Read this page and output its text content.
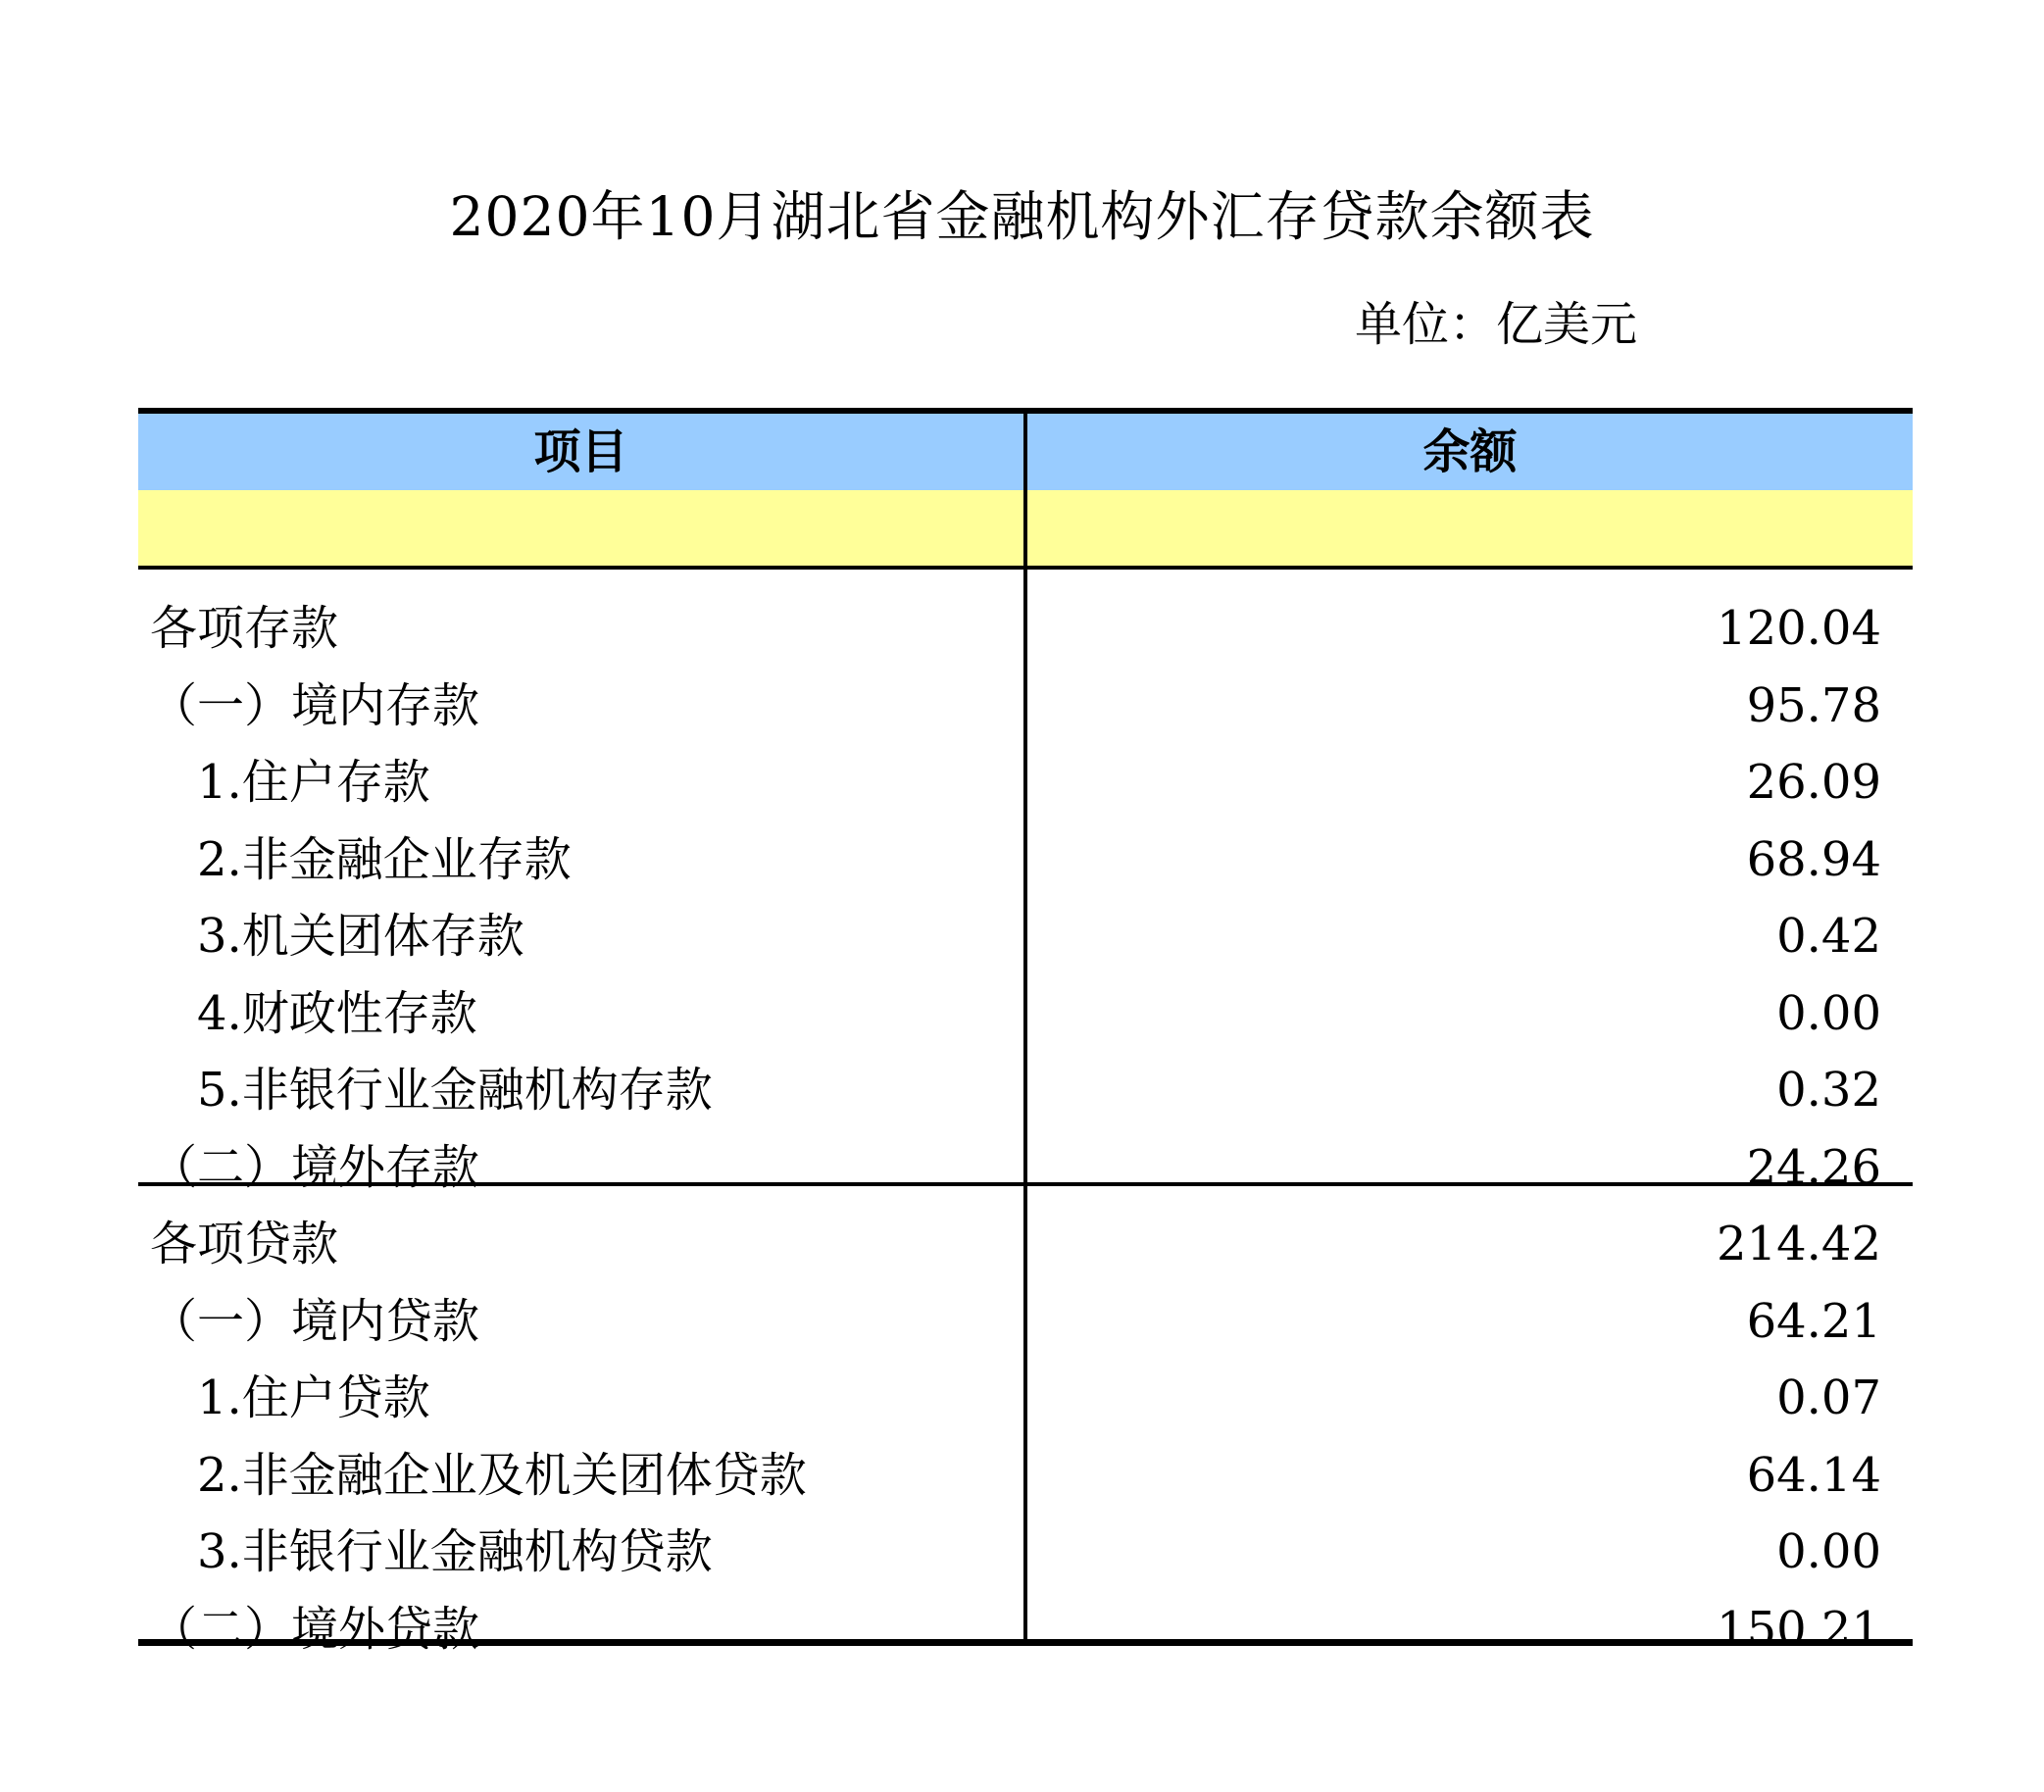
2020年10月湖北省金融机构外汇存贷款余额表
单位：亿美元
项目	余额
各项存款	120.04
（一）境内存款	95.78
1.住户存款	26.09
2.非金融企业存款	68.94
3.机关团体存款	0.42
4.财政性存款	0.00
5.非银行业金融机构存款	0.32
（二）境外存款	24.26
各项贷款	214.42
（一）境内贷款	64.21
1.住户贷款	0.07
2.非金融企业及机关团体贷款	64.14
3.非银行业金融机构贷款	0.00
（二）境外贷款	150.21
